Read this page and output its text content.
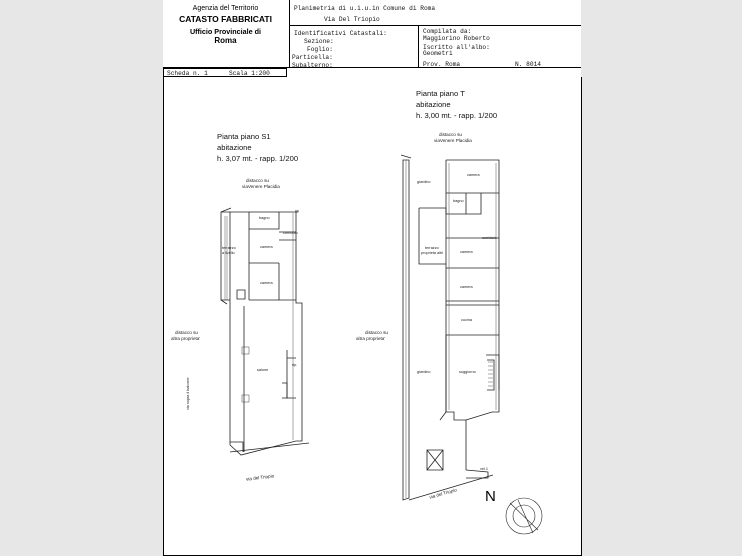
Agenzia del Territorio
CATASTO FABBRICATI
Ufficio Provinciale di
Roma
Planimetria di u.i.u.in Comune di Roma
Via Del Triopio
Identificativi Catastali:
Sezione:
Foglio:
Particella:
Subalterno:
Compilata da:
Maggiorino Roberto
Iscritto all'albo:
Geometri
Prov. Roma	N. 8014
Scheda n. 1	Scala 1:200
Pianta piano S1
abitazione
h. 3,07 mt. - rapp. 1/200
distacco su
viaVenere Placidia
distacco su
altra proprieta'
Pianta piano T
abitazione
h. 3,00 mt. - rapp. 1/200
distacco su
viaVenere Placidia
distacco su
altra proprieta'
bagno
corridoio
terrazzo
a livello
camera
camera
salone
rip.
via sopra il balcone
via del Triopio
giardino
camera
bagno
corridoio
camera
camera
terrazzo
proprieta altri
cucina
soggiorno
giardino
vel.1
via del Triopio N
